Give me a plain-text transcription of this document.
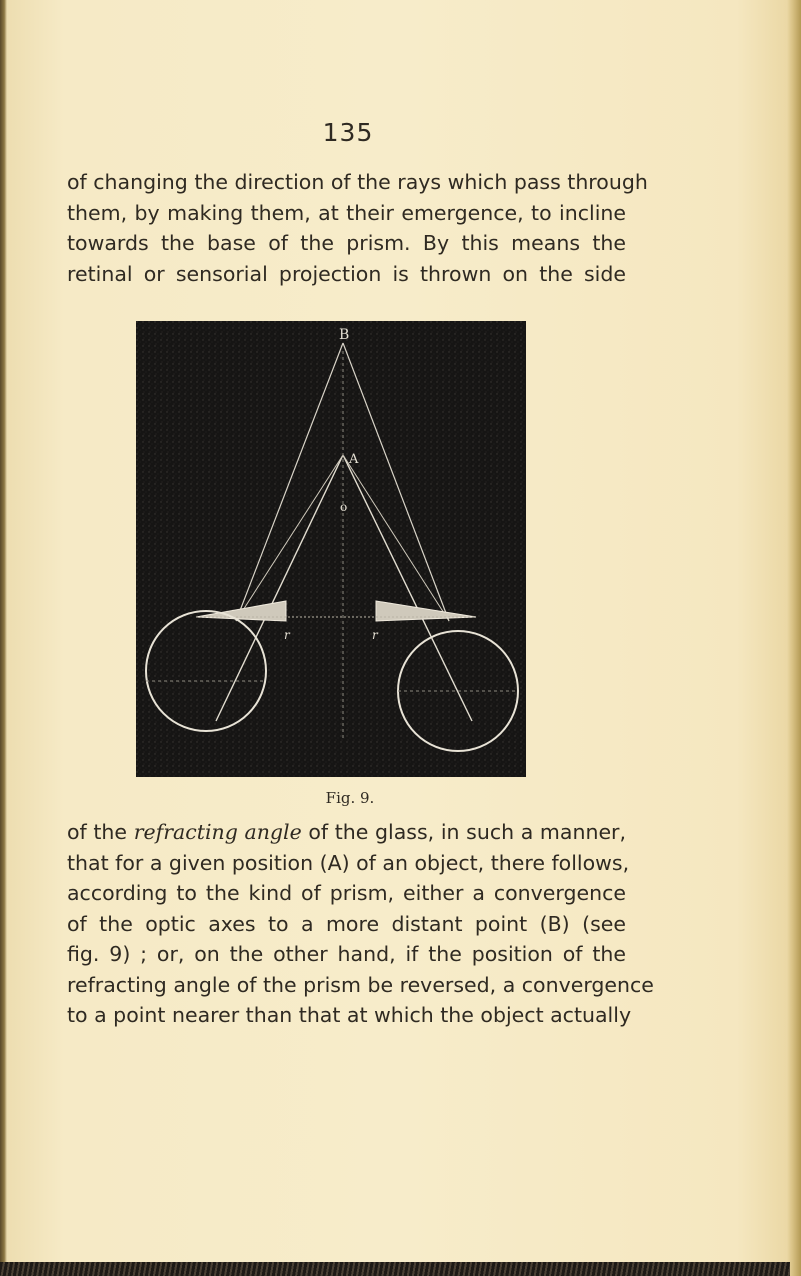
135
of changing the direction of the rays which pass through
them, by making them, at their emergence, to incline
towards the base of the prism. By this means the
retinal or sensorial projection is thrown on the side
B
A
o
r	r
Fig. 9.
of the refracting angle of the glass, in such a manner,
that for a given position (A) of an object, there follows,
according to the kind of prism, either a convergence
of the optic axes to a more distant point (B) (see
fig. 9) ; or, on the other hand, if the position of the
refracting angle of the prism be reversed, a convergence
to a point nearer than that at which the object actually
